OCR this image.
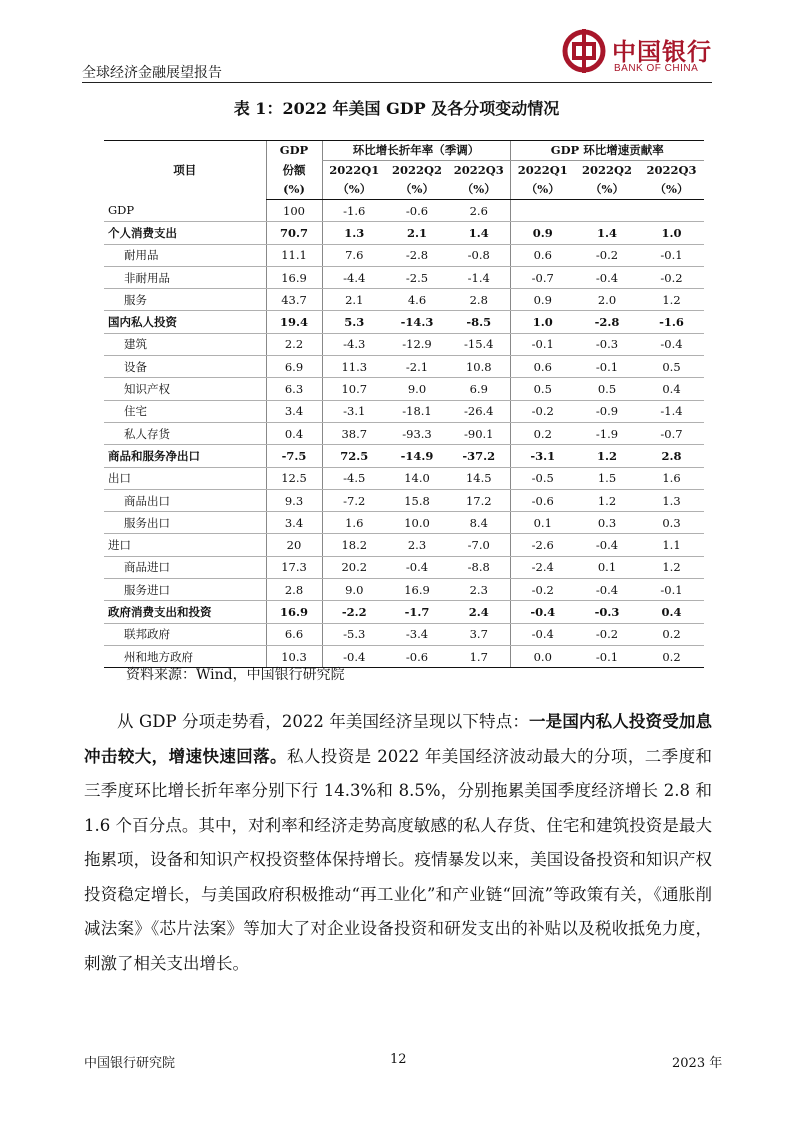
全球经济金融展望报告
中国银行
BANK OF CHINA
表 1：2022 年美国 GDP 及各分项变动情况
项目	GDP	环比增长折年率（季调）			GDP 环比增速贡献率		
	份额	2022Q1	2022Q2	2022Q3	2022Q1	2022Q2	2022Q3
	(%)	（%）	（%）	（%）	（%）	（%）	（%）
GDP	100	-1.6	-0.6	2.6			
个人消费支出	70.7	1.3	2.1	1.4	0.9	1.4	1.0
耐用品	11.1	7.6	-2.8	-0.8	0.6	-0.2	-0.1
非耐用品	16.9	-4.4	-2.5	-1.4	-0.7	-0.4	-0.2
服务	43.7	2.1	4.6	2.8	0.9	2.0	1.2
国内私人投资	19.4	5.3	-14.3	-8.5	1.0	-2.8	-1.6
建筑	2.2	-4.3	-12.9	-15.4	-0.1	-0.3	-0.4
设备	6.9	11.3	-2.1	10.8	0.6	-0.1	0.5
知识产权	6.3	10.7	9.0	6.9	0.5	0.5	0.4
住宅	3.4	-3.1	-18.1	-26.4	-0.2	-0.9	-1.4
私人存货	0.4	38.7	-93.3	-90.1	0.2	-1.9	-0.7
商品和服务净出口	-7.5	72.5	-14.9	-37.2	-3.1	1.2	2.8
出口	12.5	-4.5	14.0	14.5	-0.5	1.5	1.6
商品出口	9.3	-7.2	15.8	17.2	-0.6	1.2	1.3
服务出口	3.4	1.6	10.0	8.4	0.1	0.3	0.3
进口	20	18.2	2.3	-7.0	-2.6	-0.4	1.1
商品进口	17.3	20.2	-0.4	-8.8	-2.4	0.1	1.2
服务进口	2.8	9.0	16.9	2.3	-0.2	-0.4	-0.1
政府消费支出和投资	16.9	-2.2	-1.7	2.4	-0.4	-0.3	0.4
联邦政府	6.6	-5.3	-3.4	3.7	-0.4	-0.2	0.2
州和地方政府	10.3	-0.4	-0.6	1.7	0.0	-0.1	0.2
资料来源：Wind，中国银行研究院
从 GDP 分项走势看，2022 年美国经济呈现以下特点：一是国内私人投资受加息冲击较大，增速快速回落。私人投资是 2022 年美国经济波动最大的分项，二季度和三季度环比增长折年率分别下行 14.3%和 8.5%，分别拖累美国季度经济增长 2.8 和 1.6 个百分点。其中，对利率和经济走势高度敏感的私人存货、住宅和建筑投资是最大拖累项，设备和知识产权投资整体保持增长。疫情暴发以来，美国设备投资和知识产权投资稳定增长，与美国政府积极推动“再工业化”和产业链“回流”等政策有关，《通胀削减法案》《芯片法案》等加大了对企业设备投资和研发支出的补贴以及税收抵免力度，刺激了相关支出增长。
中国银行研究院	12	2023 年
